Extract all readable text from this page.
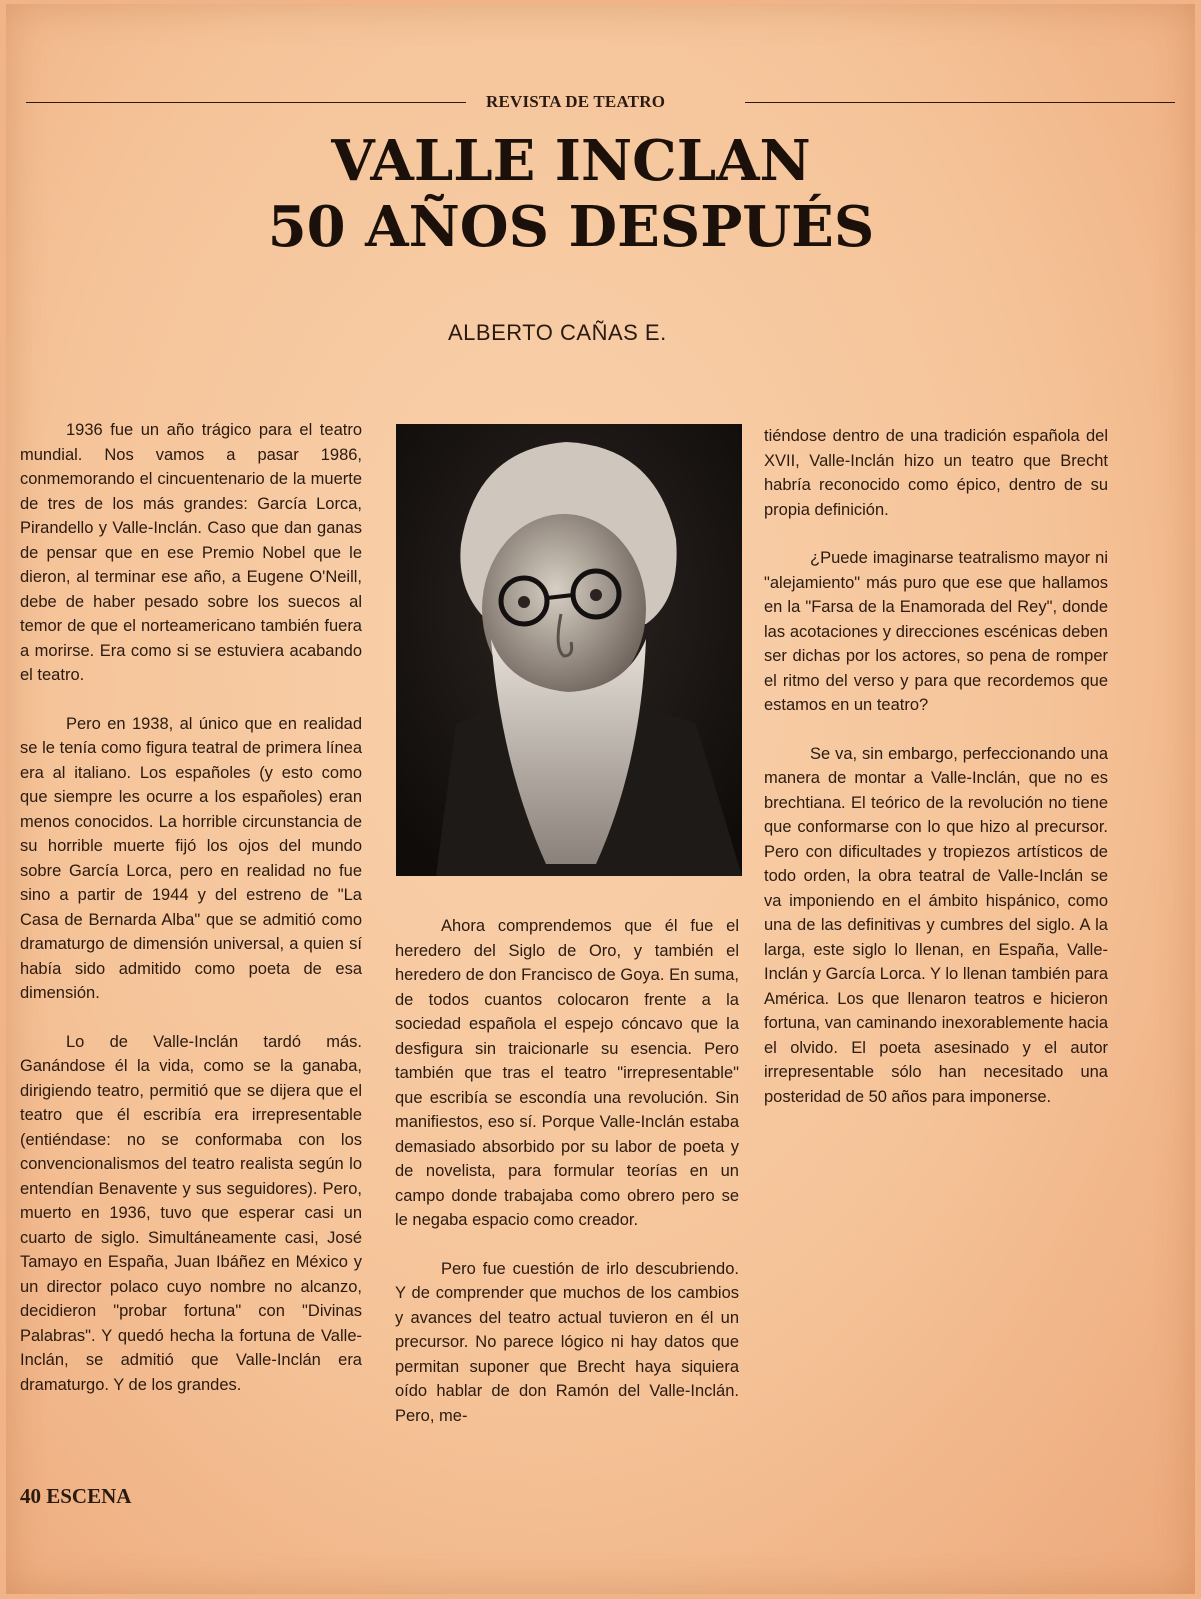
REVISTA DE TEATRO
VALLE INCLAN
50 AÑOS DESPUÉS
ALBERTO CAÑAS E.

1936 fue un año trágico para el teatro mundial. Nos vamos a pasar 1986, conmemorando el cincuentenario de la muerte de tres de los más grandes: García Lorca, Pirandello y Valle-Inclán. Caso que dan ganas de pensar que en ese Premio Nobel que le dieron, al terminar ese año, a Eugene O'Neill, debe de haber pesado sobre los suecos al temor de que el norteamericano también fuera a morirse. Era como si se estuviera acabando el teatro.

Pero en 1938, al único que en realidad se le tenía como figura teatral de primera línea era al italiano. Los españoles (y esto como que siempre les ocurre a los españoles) eran menos conocidos. La horrible circunstancia de su horrible muerte fijó los ojos del mundo sobre García Lorca, pero en realidad no fue sino a partir de 1944 y del estreno de "La Casa de Bernarda Alba" que se admitió como dramaturgo de dimensión universal, a quien sí había sido admitido como poeta de esa dimensión.

Lo de Valle-Inclán tardó más. Ganándose él la vida, como se la ganaba, dirigiendo teatro, permitió que se dijera que el teatro que él escribía era irrepresentable (entiéndase: no se conformaba con los convencionalismos del teatro realista según lo entendían Benavente y sus seguidores). Pero, muerto en 1936, tuvo que esperar casi un cuarto de siglo. Simultáneamente casi, José Tamayo en España, Juan Ibáñez en México y un director polaco cuyo nombre no alcanzo, decidieron "probar fortuna" con "Divinas Palabras". Y quedó hecha la fortuna de Valle-Inclán, se admitió que Valle-Inclán era dramaturgo. Y de los grandes.

Ahora comprendemos que él fue el heredero del Siglo de Oro, y también el heredero de don Francisco de Goya. En suma, de todos cuantos colocaron frente a la sociedad española el espejo cóncavo que la desfigura sin traicionarle su esencia. Pero también que tras el teatro "irrepresentable" que escribía se escondía una revolución. Sin manifiestos, eso sí. Porque Valle-Inclán estaba demasiado absorbido por su labor de poeta y de novelista, para formular teorías en un campo donde trabajaba como obrero pero se le negaba espacio como creador.

Pero fue cuestión de irlo descubriendo. Y de comprender que muchos de los cambios y avances del teatro actual tuvieron en él un precursor. No parece lógico ni hay datos que permitan suponer que Brecht haya siquiera oído hablar de don Ramón del Valle-Inclán. Pero, me-

tiéndose dentro de una tradición española del XVII, Valle-Inclán hizo un teatro que Brecht habría reconocido como épico, dentro de su propia definición.

¿Puede imaginarse teatralismo mayor ni "alejamiento" más puro que ese que hallamos en la "Farsa de la Enamorada del Rey", donde las acotaciones y direcciones escénicas deben ser dichas por los actores, so pena de romper el ritmo del verso y para que recordemos que estamos en un teatro?

Se va, sin embargo, perfeccionando una manera de montar a Valle-Inclán, que no es brechtiana. El teórico de la revolución no tiene que conformarse con lo que hizo al precursor. Pero con dificultades y tropiezos artísticos de todo orden, la obra teatral de Valle-Inclán se va imponiendo en el ámbito hispánico, como una de las definitivas y cumbres del siglo. A la larga, este siglo lo llenan, en España, Valle-Inclán y García Lorca. Y lo llenan también para América. Los que llenaron teatros e hicieron fortuna, van caminando inexorablemente hacia el olvido. El poeta asesinado y el autor irrepresentable sólo han necesitado una posteridad de 50 años para imponerse.

40 ESCENA
